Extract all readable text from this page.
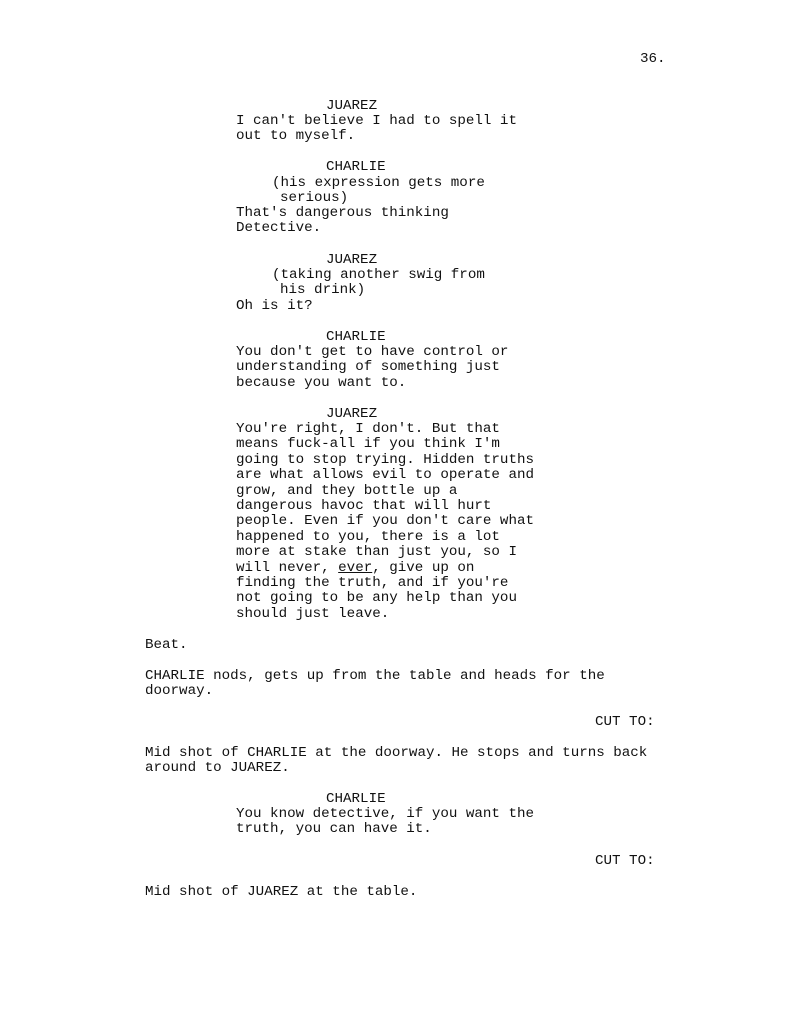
36.
JUAREZ
I can't believe I had to spell it
out to myself.
CHARLIE
(his expression gets more
serious)
That's dangerous thinking
Detective.
JUAREZ
(taking another swig from
his drink)
Oh is it?
CHARLIE
You don't get to have control or
understanding of something just
because you want to.
JUAREZ
You're right, I don't. But that
means fuck-all if you think I'm
going to stop trying. Hidden truths
are what allows evil to operate and
grow, and they bottle up a
dangerous havoc that will hurt
people. Even if you don't care what
happened to you, there is a lot
more at stake than just you, so I
will never, ever, give up on
finding the truth, and if you're
not going to be any help than you
should just leave.
Beat.
CHARLIE nods, gets up from the table and heads for the
doorway.
CUT TO:
Mid shot of CHARLIE at the doorway. He stops and turns back
around to JUAREZ.
CHARLIE
You know detective, if you want the
truth, you can have it.
CUT TO:
Mid shot of JUAREZ at the table.
